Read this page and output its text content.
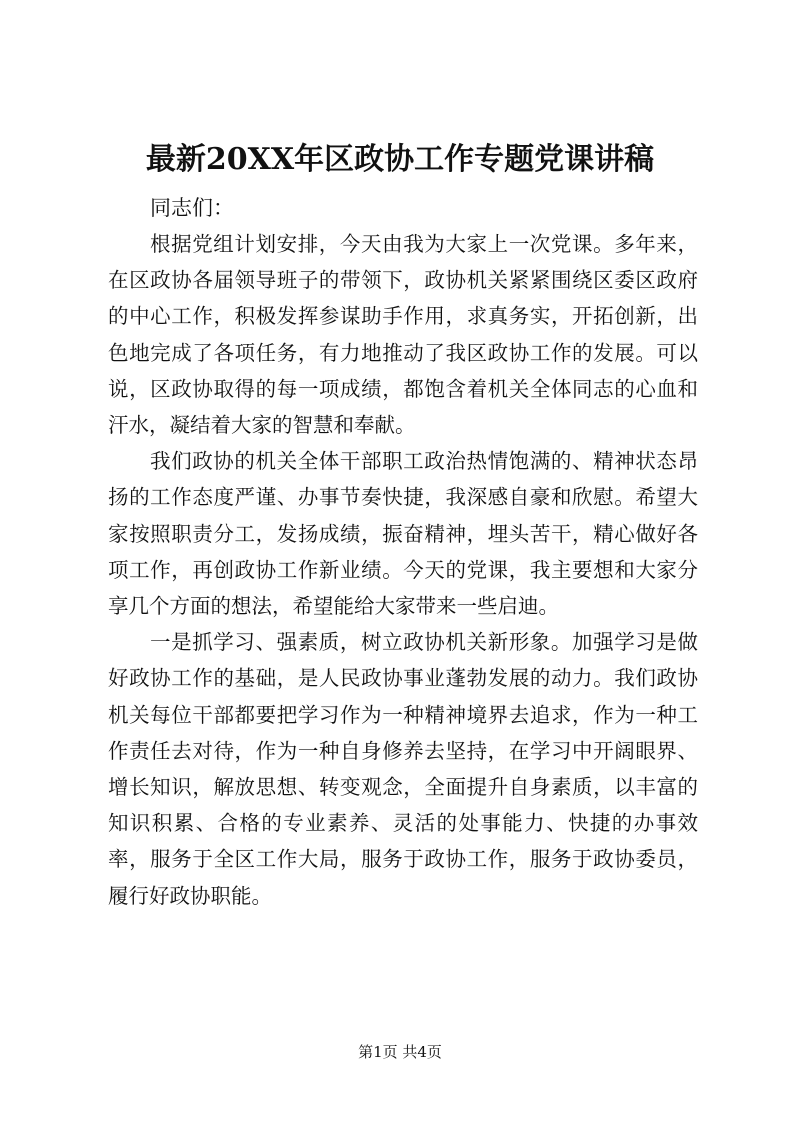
最新20XX年区政协工作专题党课讲稿
同志们：

根据党组计划安排，今天由我为大家上一次党课。多年来，在区政协各届领导班子的带领下，政协机关紧紧围绕区委区政府的中心工作，积极发挥参谋助手作用，求真务实，开拓创新，出色地完成了各项任务，有力地推动了我区政协工作的发展。可以说，区政协取得的每一项成绩，都饱含着机关全体同志的心血和汗水，凝结着大家的智慧和奉献。

我们政协的机关全体干部职工政治热情饱满的、精神状态昂扬的工作态度严谨、办事节奏快捷，我深感自豪和欣慰。希望大家按照职责分工，发扬成绩，振奋精神，埋头苦干，精心做好各项工作，再创政协工作新业绩。今天的党课，我主要想和大家分享几个方面的想法，希望能给大家带来一些启迪。

一是抓学习、强素质，树立政协机关新形象。加强学习是做好政协工作的基础，是人民政协事业蓬勃发展的动力。我们政协机关每位干部都要把学习作为一种精神境界去追求，作为一种工作责任去对待，作为一种自身修养去坚持，在学习中开阔眼界、增长知识，解放思想、转变观念，全面提升自身素质，以丰富的知识积累、合格的专业素养、灵活的处事能力、快捷的办事效率，服务于全区工作大局，服务于政协工作，服务于政协委员，履行好政协职能。

第1页 共4页
